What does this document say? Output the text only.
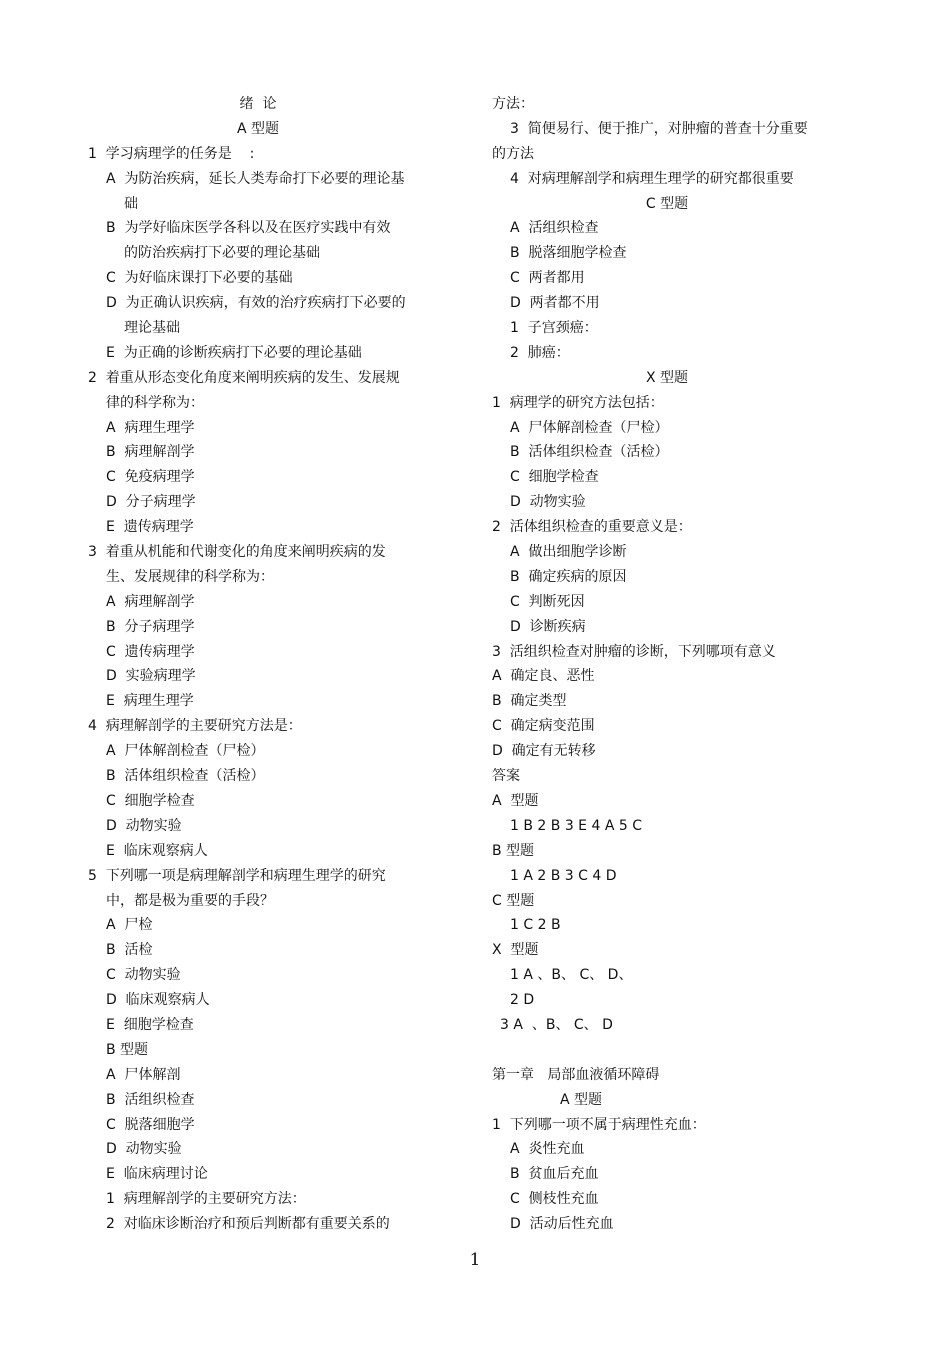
绪  论
A 型题
1  学习病理学的任务是    :
A  为防治疾病，延长人类寿命打下必要的理论基
础
B  为学好临床医学各科以及在医疗实践中有效
的防治疾病打下必要的理论基础
C  为好临床课打下必要的基础
D  为正确认识疾病，有效的治疗疾病打下必要的
理论基础
E  为正确的诊断疾病打下必要的理论基础
2  着重从形态变化角度来阐明疾病的发生、发展规
律的科学称为：
A  病理生理学
B  病理解剖学
C  免疫病理学
D  分子病理学
E  遗传病理学
3  着重从机能和代谢变化的角度来阐明疾病的发
生、发展规律的科学称为：
A  病理解剖学
B  分子病理学
C  遗传病理学
D  实验病理学
E  病理生理学
4  病理解剖学的主要研究方法是：
A  尸体解剖检查（尸检）
B  活体组织检查（活检）
C  细胞学检查
D  动物实验
E  临床观察病人
5  下列哪一项是病理解剖学和病理生理学的研究
中，都是极为重要的手段？
A  尸检
B  活检
C  动物实验
D  临床观察病人
E  细胞学检查
B 型题
A  尸体解剖
B  活组织检查
C  脱落细胞学
D  动物实验
E  临床病理讨论
1  病理解剖学的主要研究方法：
2  对临床诊断治疗和预后判断都有重要关系的
方法：
3  简便易行、便于推广，对肿瘤的普查十分重要
的方法
4  对病理解剖学和病理生理学的研究都很重要
C 型题
A  活组织检查
B  脱落细胞学检查
C  两者都用
D  两者都不用
1  子宫颈癌：
2  肺癌：
X 型题
1  病理学的研究方法包括：
A  尸体解剖检查（尸检）
B  活体组织检查（活检）
C  细胞学检查
D  动物实验
2  活体组织检查的重要意义是：
A  做出细胞学诊断
B  确定疾病的原因
C  判断死因
D  诊断疾病
3  活组织检查对肿瘤的诊断，下列哪项有意义
A  确定良、恶性
B  确定类型
C  确定病变范围
D  确定有无转移
答案
A  型题
1 B 2 B 3 E 4 A 5 C
B 型题
1 A 2 B 3 C 4 D
C 型题
1 C 2 B
X  型题
1 A 、B、 C、 D、
2 D
3 A  、B、 C、 D
第一章   局部血液循环障碍
A 型题
1  下列哪一项不属于病理性充血：
A  炎性充血
B  贫血后充血
C  侧枝性充血
D  活动后性充血
1
